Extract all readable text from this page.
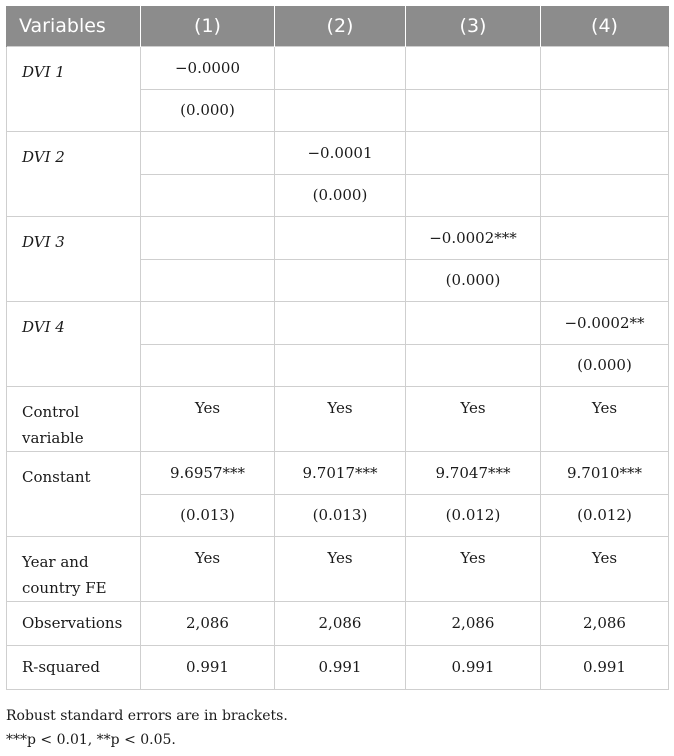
Variables	(1)	(2)	(3)	(4)
DVI 1	−0.0000			
	(0.000)			
DVI 2		−0.0001		
		(0.000)		
DVI 3			−0.0002***	
			(0.000)	
DVI 4				−0.0002**
				(0.000)
Control
variable	Yes	Yes	Yes	Yes
Constant	9.6957***	9.7017***	9.7047***	9.7010***
	(0.013)	(0.013)	(0.012)	(0.012)
Year and
country FE	Yes	Yes	Yes	Yes
Observations	2,086	2,086	2,086	2,086
R-squared	0.991	0.991	0.991	0.991
Robust standard errors are in brackets.
***p < 0.01, **p < 0.05.
